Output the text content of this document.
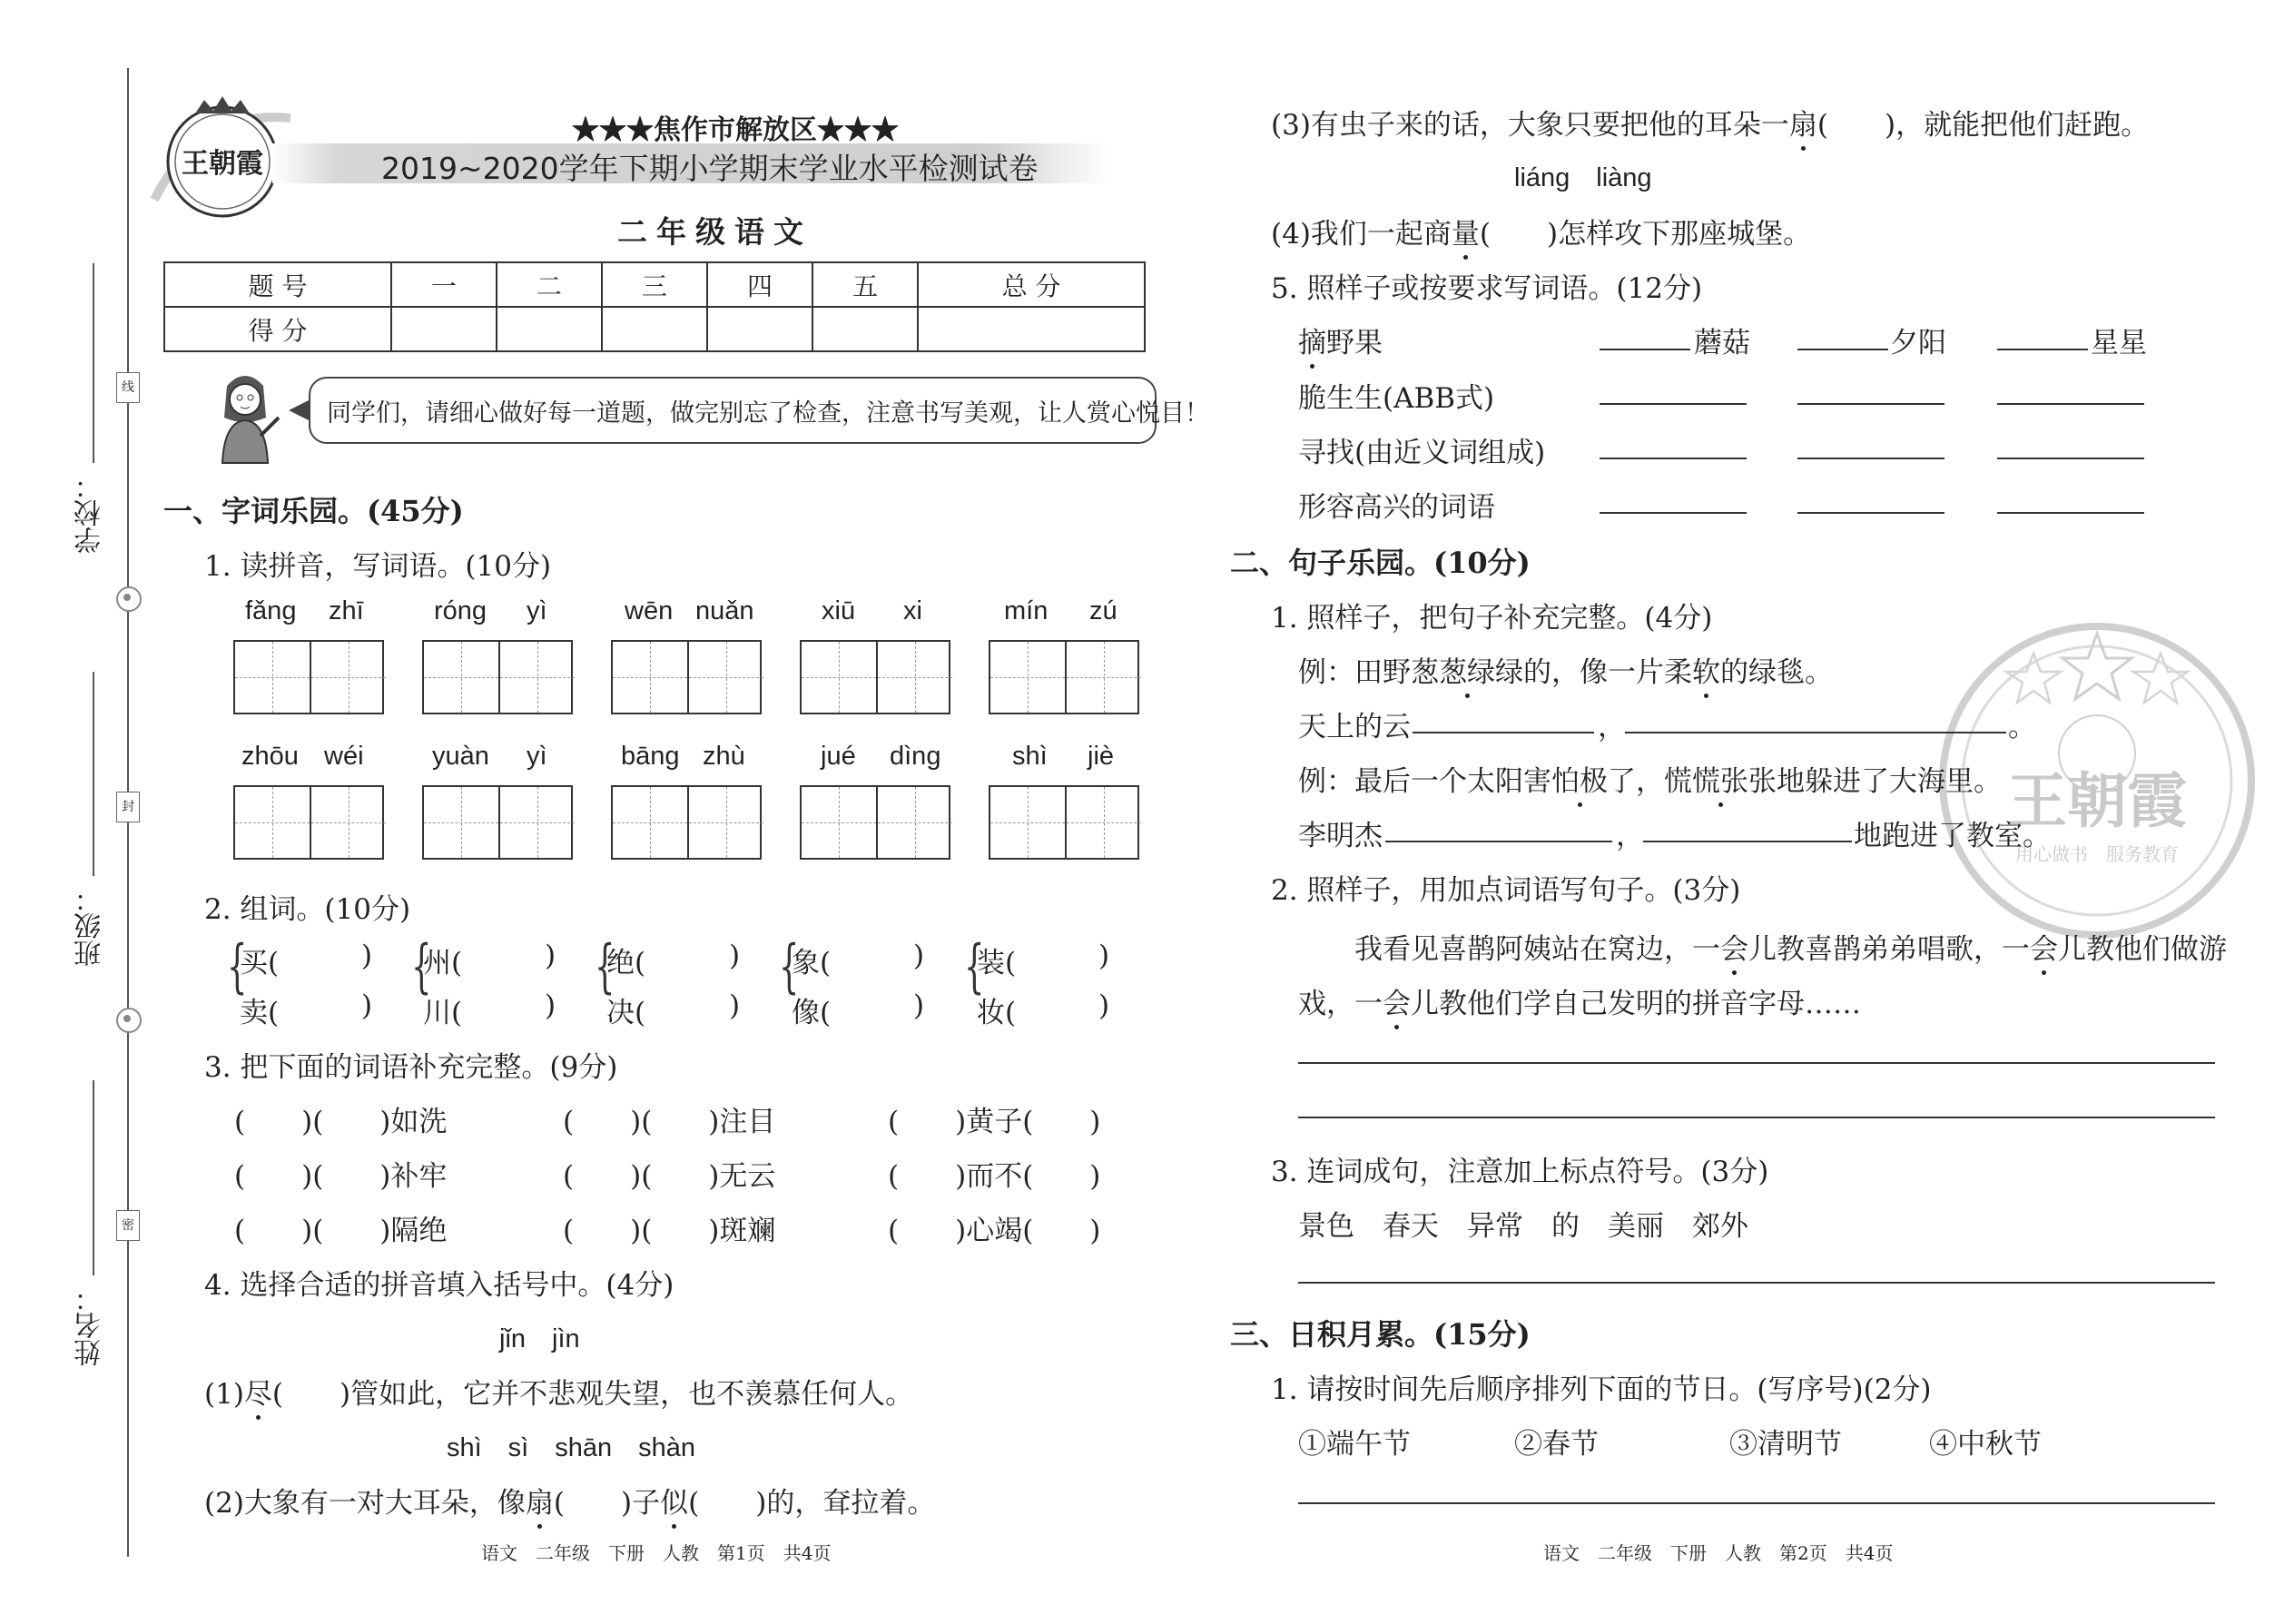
线
封
密
学校：
班级：
姓名：
王朝霞
★★★焦作市解放区★★★
2019~2020学年下期小学期末学业水平检测试卷
二年级语文
题 号	一	二	三	四	五	总 分
得 分						
同学们，请细心做好每一道题，做完别忘了检查，注意书写美观，让人赏心悦目！
一、字词乐园。(45分)
1. 读拼音，写词语。(10分)
fǎng zhī	róng yì	wēn nuǎn	xiū xi	mín zú
zhōu wéi	yuàn yì	bāng zhù	jué dìng	shì jiè
2. 组词。(10分)
{
买(	)
卖(	)
{
州(	)
川(	)
{
绝(	)
决(	)
{
象(	)
像(	)
{
装(	)
妆(	)
3. 把下面的词语补充完整。(9分)
(　　)(　　)如洗	(　　)(　　)注目	(　　)黄子(　　)
(　　)(　　)补牢	(　　)(　　)无云	(　　)而不(　　)
(　　)(　　)隔绝	(　　)(　　)斑斓	(　　)心竭(　　)
4. 选择合适的拼音填入括号中。(4分)
jǐn　jìn
(1)尽(　　)管如此，它并不悲观失望，也不羡慕任何人。
shì　sì　shān　shàn
(2)大象有一对大耳朵，像扇(　　)子似(　　)的，耷拉着。
语文　二年级　下册　人教　第1页　共4页
(3)有虫子来的话，大象只要把他的耳朵一扇(　　)，就能把他们赶跑。
liáng　liàng
(4)我们一起商量(　　)怎样攻下那座城堡。
5. 照样子或按要求写词语。(12分)
摘野果	蘑菇	夕阳	星星
脆生生(ABB式)
寻找(由近义词组成)
形容高兴的词语
王朝霞
用心做书　服务教育
二、句子乐园。(10分)
1. 照样子，把句子补充完整。(4分)
例：田野葱葱绿绿的，像一片柔软的绿毯。
天上的云	，	。
例：最后一个太阳害怕极了，慌慌张张地躲进了大海里。
李明杰	，	地跑进了教室。
2. 照样子，用加点词语写句子。(3分)
我看见喜鹊阿姨站在窝边，一会儿教喜鹊弟弟唱歌，一会儿教他们做游
戏，一会儿教他们学自己发明的拼音字母……
3. 连词成句，注意加上标点符号。(3分)
景色　春天　异常　的　美丽　郊外
三、日积月累。(15分)
1. 请按时间先后顺序排列下面的节日。(写序号)(2分)
①端午节	②春节	③清明节	④中秋节
语文　二年级　下册　人教　第2页　共4页
